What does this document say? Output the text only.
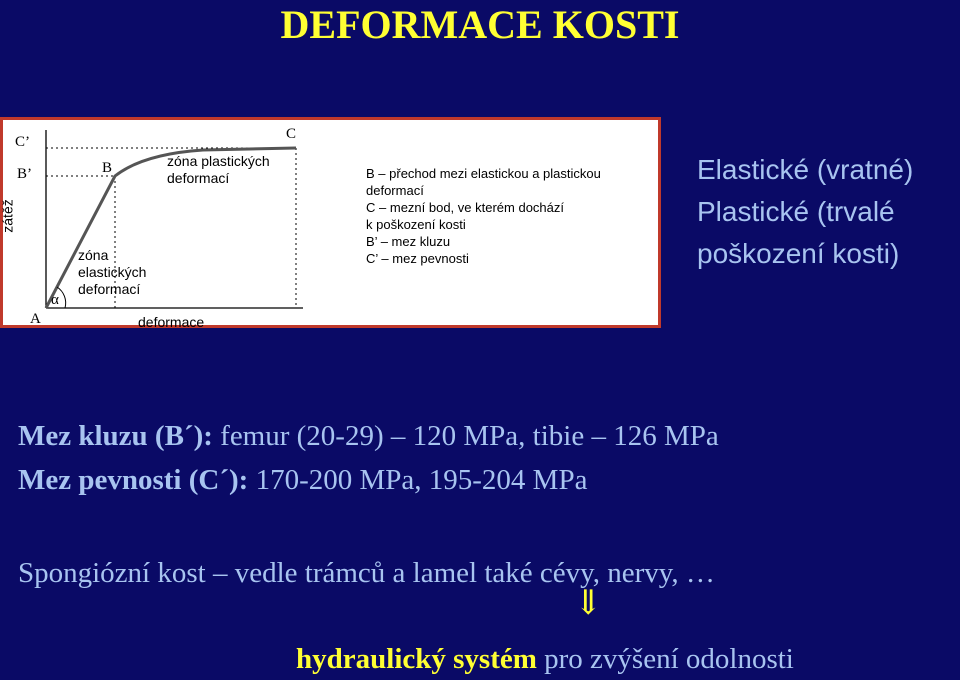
DEFORMACE KOSTI
zátěž
C’
B’	B
C
A
α
deformace
zóna plastických
deformací
zóna
elastických
deformací
B – přechod mezi elastickou a plastickou
deformací
C – mezní bod, ve kterém dochází
k poškození kosti
B’ – mez kluzu
C’ – mez pevnosti
Elastické (vratné)
Plastické (trvalé
poškození kosti)
Mez kluzu (B´): femur (20-29) – 120 MPa, tibie – 126 MPa
Mez pevnosti (C´): 170-200 MPa, 195-204 MPa
Spongiózní kost – vedle trámců a lamel také cévy, nervy, …
⇓
hydraulický systém pro zvýšení odolnosti
